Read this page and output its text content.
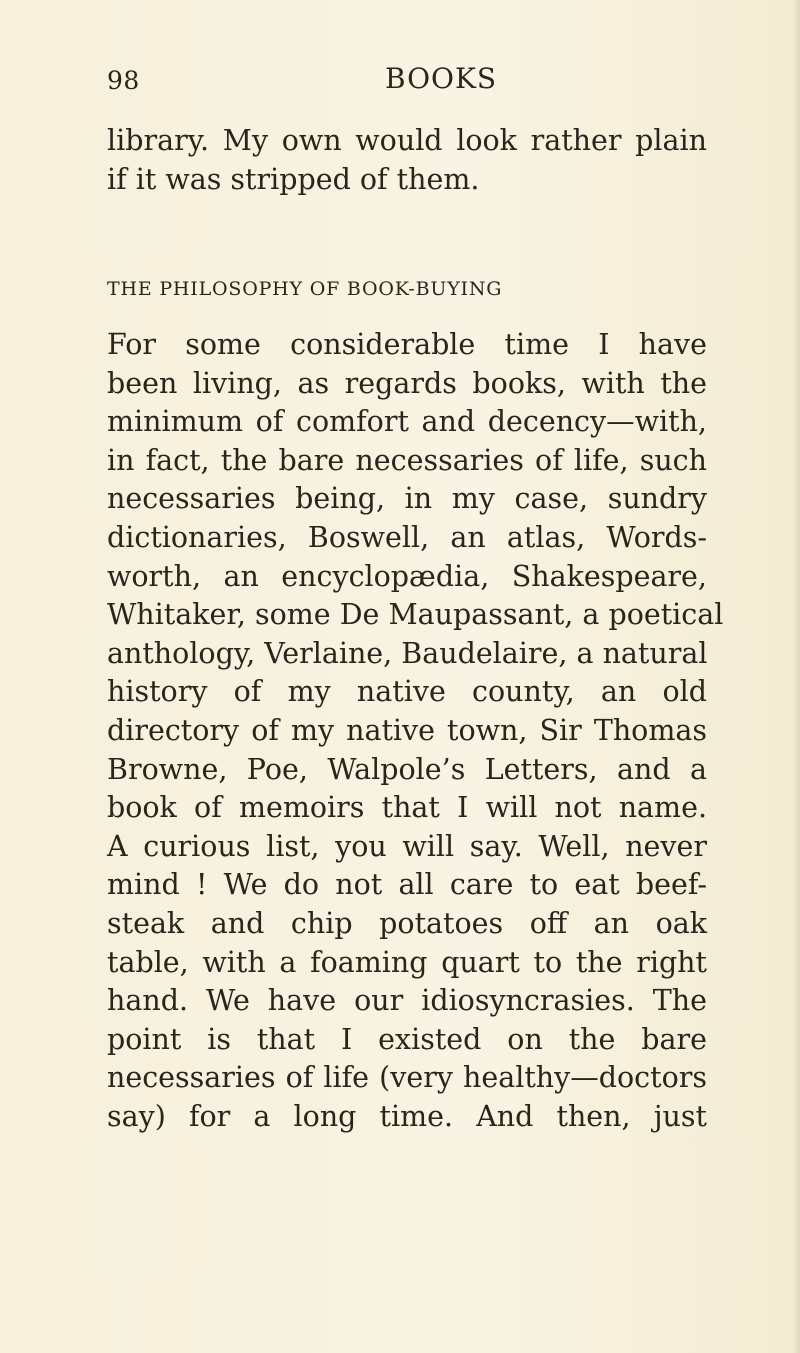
98	BOOKS
library. My own would look rather plain
if it was stripped of them.
THE PHILOSOPHY OF BOOK-BUYING
For some considerable time I have
been living, as regards books, with the
minimum of comfort and decency—with,
in fact, the bare necessaries of life, such
necessaries being, in my case, sundry
dictionaries, Boswell, an atlas, Words-
worth, an encyclopædia, Shakespeare,
Whitaker, some De Maupassant, a poetical
anthology, Verlaine, Baudelaire, a natural
history of my native county, an old
directory of my native town, Sir Thomas
Browne, Poe, Walpole’s Letters, and a
book of memoirs that I will not name.
A curious list, you will say. Well, never
mind ! We do not all care to eat beef-
steak and chip potatoes off an oak
table, with a foaming quart to the right
hand. We have our idiosyncrasies. The
point is that I existed on the bare
necessaries of life (very healthy—doctors
say) for a long time. And then, just
